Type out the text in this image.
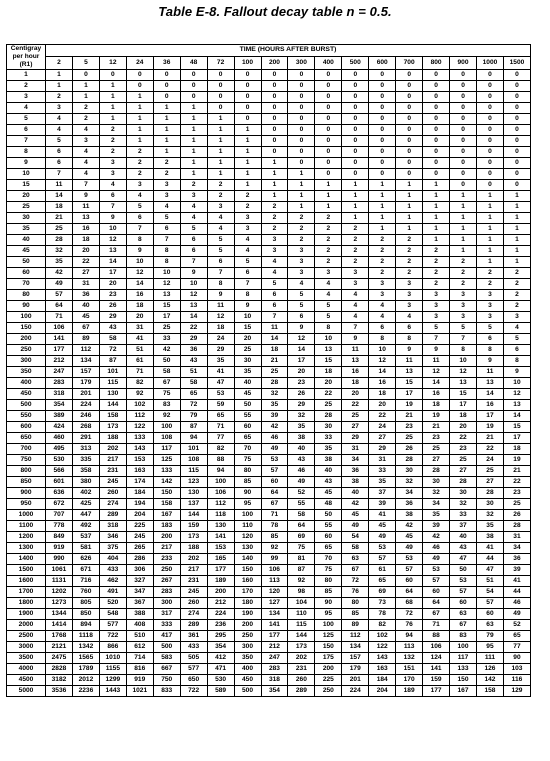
Table E-8. Fallout decay table n = 0.5.
Centigray
per hour
(R1)	TIME (HOURS AFTER BURST)																	
	2	5	12	24	36	48	72	100	200	300	400	500	600	700	800	900	1000	1500
1	1	0	0	0	0	0	0	0	0	0	0	0	0	0	0	0	0	0
2	1	1	1	0	0	0	0	0	0	0	0	0	0	0	0	0	0	0
3	2	1	1	1	0	0	0	0	0	0	0	0	0	0	0	0	0	0
4	3	2	1	1	1	1	0	0	0	0	0	0	0	0	0	0	0	0
5	4	2	1	1	1	1	1	0	0	0	0	0	0	0	0	0	0	0
6	4	4	2	1	1	1	1	1	0	0	0	0	0	0	0	0	0	0
7	5	3	2	1	1	1	1	1	0	0	0	0	0	0	0	0	0	0
8	6	4	2	2	1	1	1	1	0	0	0	0	0	0	0	0	0	0
9	6	4	3	2	2	1	1	1	1	0	0	0	0	0	0	0	0	0
10	7	4	3	2	2	1	1	1	1	1	0	0	0	0	0	0	0	0
15	11	7	4	3	3	2	2	1	1	1	1	1	1	1	1	0	0	0
20	14	9	6	4	3	3	2	2	1	1	1	1	1	1	1	1	1	1
25	18	11	7	5	4	4	3	2	2	1	1	1	1	1	1	1	1	1
30	21	13	9	6	5	4	4	3	2	2	2	1	1	1	1	1	1	1
35	25	16	10	7	6	5	4	3	2	2	2	2	1	1	1	1	1	1
40	28	18	12	8	7	6	5	4	3	2	2	2	2	2	1	1	1	1
45	32	20	13	9	8	6	5	4	3	3	2	2	2	2	2	1	1	1
50	35	22	14	10	8	7	6	5	4	3	2	2	2	2	2	2	1	1
60	42	27	17	12	10	9	7	6	4	3	3	3	2	2	2	2	2	2
70	49	31	20	14	12	10	8	7	5	4	4	3	3	3	2	2	2	2
80	57	36	23	16	13	12	9	8	6	5	4	4	3	3	3	3	3	2
90	64	40	26	18	15	13	11	9	6	5	5	4	4	3	3	3	3	2
100	71	45	29	20	17	14	12	10	7	6	5	4	4	4	3	3	3	3
150	106	67	43	31	25	22	18	15	11	9	8	7	6	6	5	5	5	4
200	141	89	58	41	33	29	24	20	14	12	10	9	8	8	7	7	6	5
250	177	112	72	51	42	36	29	25	18	14	13	11	10	9	9	8	8	6
300	212	134	87	61	50	43	35	30	21	17	15	13	12	11	11	10	9	8
350	247	157	101	71	58	51	41	35	25	20	18	16	14	13	12	12	11	9
400	283	179	115	82	67	58	47	40	28	23	20	18	16	15	14	13	13	10
450	318	201	130	92	75	65	53	45	32	26	22	20	18	17	16	15	14	12
500	354	224	144	102	83	72	59	50	35	29	25	22	20	19	18	17	16	13
550	389	246	158	112	92	79	65	55	39	32	28	25	22	21	19	18	17	14
600	424	268	173	122	100	87	71	60	42	35	30	27	24	23	21	20	19	15
650	460	291	188	133	108	94	77	65	46	38	33	29	27	25	23	22	21	17
700	495	313	202	143	117	101	82	70	49	40	35	31	29	26	25	23	22	18
750	530	335	217	153	125	108	88	75	53	43	38	34	31	28	27	25	24	19
800	566	358	231	163	133	115	94	80	57	46	40	36	33	30	28	27	25	21
850	601	380	245	174	142	123	100	85	60	49	43	38	35	32	30	28	27	22
900	636	402	260	184	150	130	106	90	64	52	45	40	37	34	32	30	28	23
950	672	425	274	194	158	137	112	95	67	55	48	42	39	36	34	32	30	25
1000	707	447	289	204	167	144	118	100	71	58	50	45	41	38	35	33	32	26
1100	778	492	318	225	183	159	130	110	78	64	55	49	45	42	39	37	35	28
1200	849	537	346	245	200	173	141	120	85	69	60	54	49	45	42	40	38	31
1300	919	581	375	265	217	188	153	130	92	75	65	58	53	49	46	43	41	34
1400	990	626	404	286	233	202	165	140	99	81	70	63	57	53	49	47	44	36
1500	1061	671	433	306	250	217	177	150	106	87	75	67	61	57	53	50	47	39
1600	1131	716	462	327	267	231	189	160	113	92	80	72	65	60	57	53	51	41
1700	1202	760	491	347	283	245	200	170	120	98	85	76	69	64	60	57	54	44
1800	1273	805	520	367	300	260	212	180	127	104	90	80	73	68	64	60	57	46
1900	1344	850	548	388	317	274	224	190	134	110	95	85	78	72	67	63	60	49
2000	1414	894	577	408	333	289	236	200	141	115	100	89	82	76	71	67	63	52
2500	1768	1118	722	510	417	361	295	250	177	144	125	112	102	94	88	83	79	65
3000	2121	1342	866	612	500	433	354	300	212	173	150	134	122	113	106	100	95	77
3500	2475	1565	1010	714	583	505	412	350	247	202	175	157	143	132	124	117	111	90
4000	2828	1789	1155	816	667	577	471	400	283	231	200	179	163	151	141	133	126	103
4500	3182	2012	1299	919	750	650	530	450	318	260	225	201	184	170	159	150	142	116
5000	3536	2236	1443	1021	833	722	589	500	354	289	250	224	204	189	177	167	158	129
